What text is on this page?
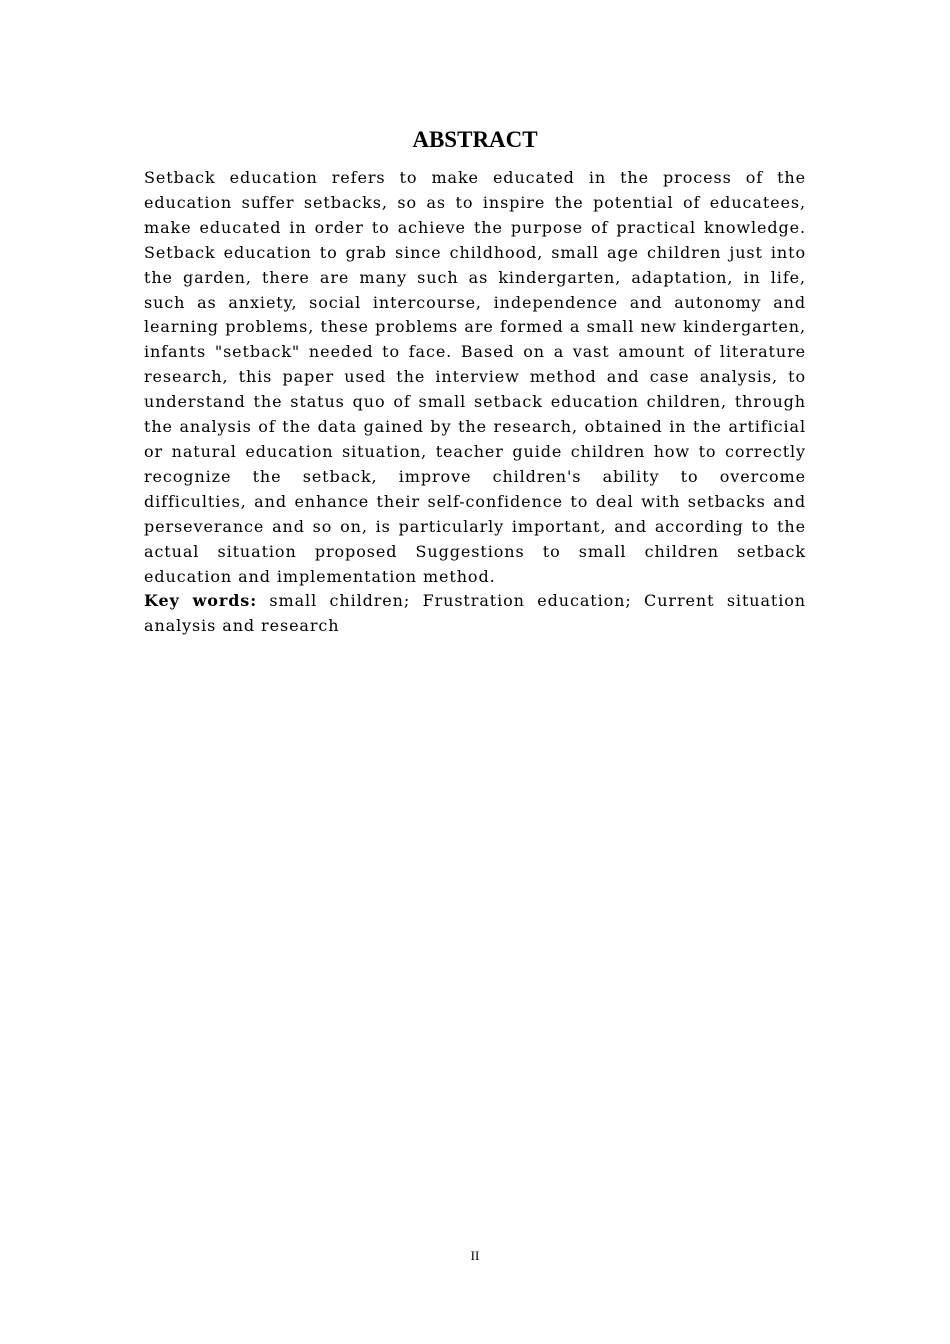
ABSTRACT

Setback education refers to make educated in the process of the education suffer setbacks, so as to inspire the potential of educatees, make educated in order to achieve the purpose of practical knowledge. Setback education to grab since childhood, small age children just into the garden, there are many such as kindergarten, adaptation, in life, such as anxiety, social intercourse, independence and autonomy and learning problems, these problems are formed a small new kindergarten, infants "setback" needed to face. Based on a vast amount of literature research, this paper used the interview method and case analysis, to understand the status quo of small setback education children, through the analysis of the data gained by the research, obtained in the artificial or natural education situation, teacher guide children how to correctly recognize the setback, improve children's ability to overcome difficulties, and enhance their self-confidence to deal with setbacks and perseverance and so on, is particularly important, and according to the actual situation proposed Suggestions to small children setback education and implementation method.

Key words: small children; Frustration education; Current situation analysis and research

II
